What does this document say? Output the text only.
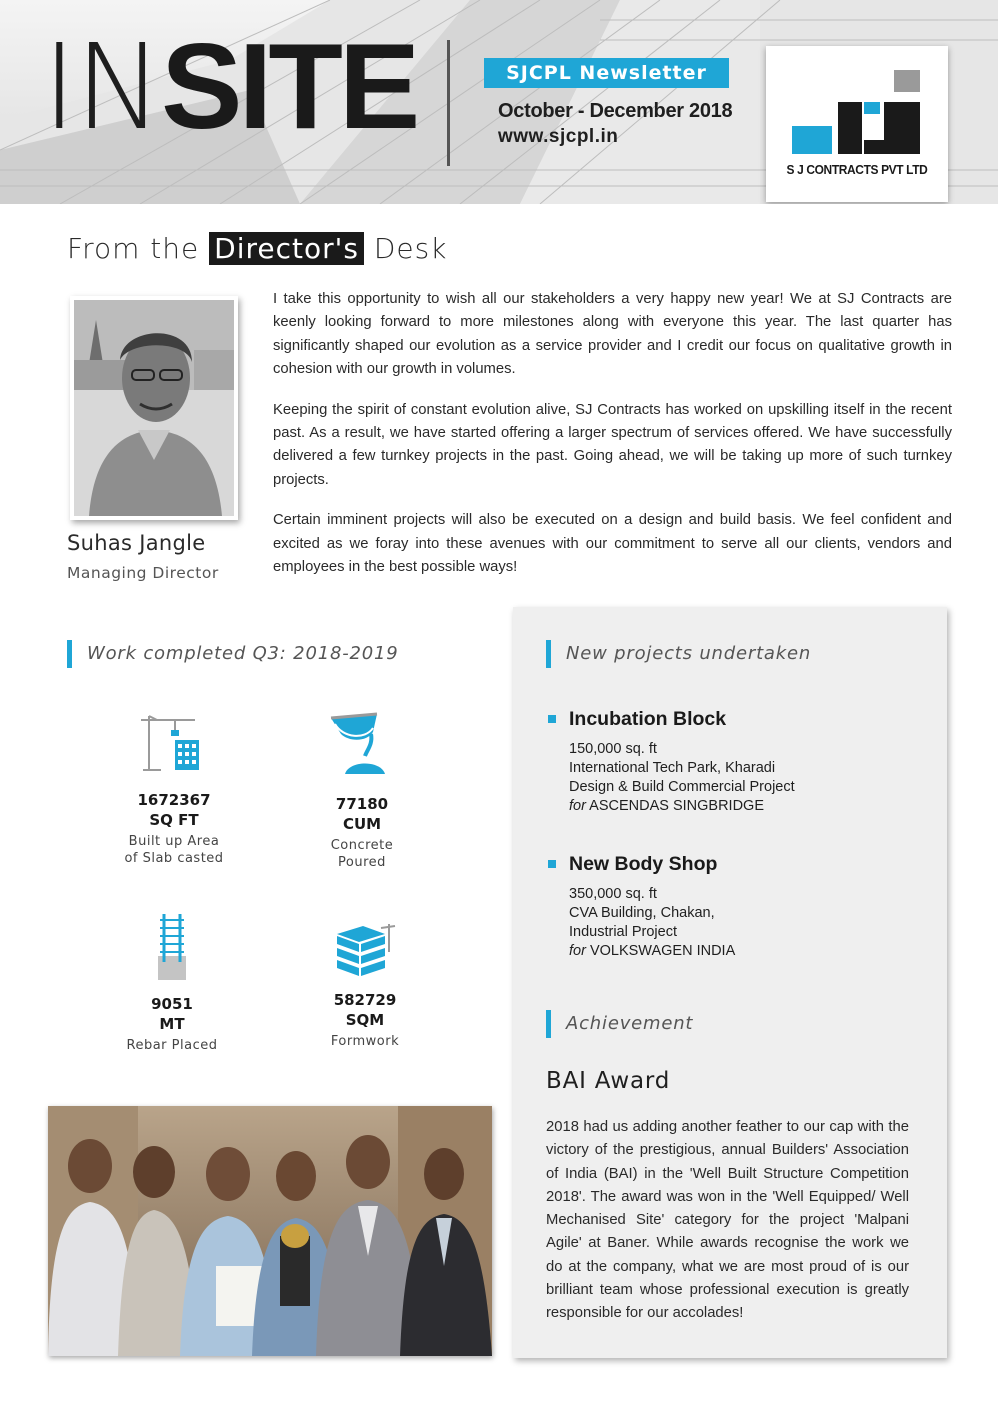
INSITE	SJCPL Newsletter
October - December 2018
www.sjcpl.in
S J CONTRACTS PVT LTD
From the Director's Desk
Suhas Jangle
Managing Director

I take this opportunity to wish all our stakeholders a very happy new year! We at SJ Contracts are keenly looking forward to more milestones along with everyone this year. The last quarter has significantly shaped our evolution as a service provider and I credit our focus on qualitative growth in cohesion with our growth in volumes.

Keeping the spirit of constant evolution alive, SJ Contracts has worked on upskilling itself in the recent past. As a result, we have started offering a larger spectrum of services offered. We have successfully delivered a few turnkey projects in the past. Going ahead, we will be taking up more of such turnkey projects.

Certain imminent projects will also be executed on a design and build basis. We feel confident and excited as we foray into these avenues with our commitment to serve all our clients, vendors and employees in the best possible ways!

Work completed Q3: 2018-2019
1672367
SQ FT
Built up Area
of Slab casted
77180
CUM
Concrete
Poured
9051
MT
Rebar Placed
582729
SQM
Formwork
New projects undertaken
Incubation Block
150,000 sq. ft
International Tech Park, Kharadi
Design & Build Commercial Project
for ASCENDAS SINGBRIDGE
New Body Shop
350,000 sq. ft
CVA Building, Chakan,
Industrial Project
for VOLKSWAGEN INDIA
Achievement
BAI Award
2018 had us adding another feather to our cap with the victory of the prestigious, annual Builders' Association of India (BAI) in the 'Well Built Structure Competition 2018'. The award was won in the 'Well Equipped/ Well Mechanised Site' category for the project 'Malpani Agile' at Baner. While awards recognise the work we do at the company, what we are most proud of is our brilliant team whose professional execution is greatly responsible for our accolades!
